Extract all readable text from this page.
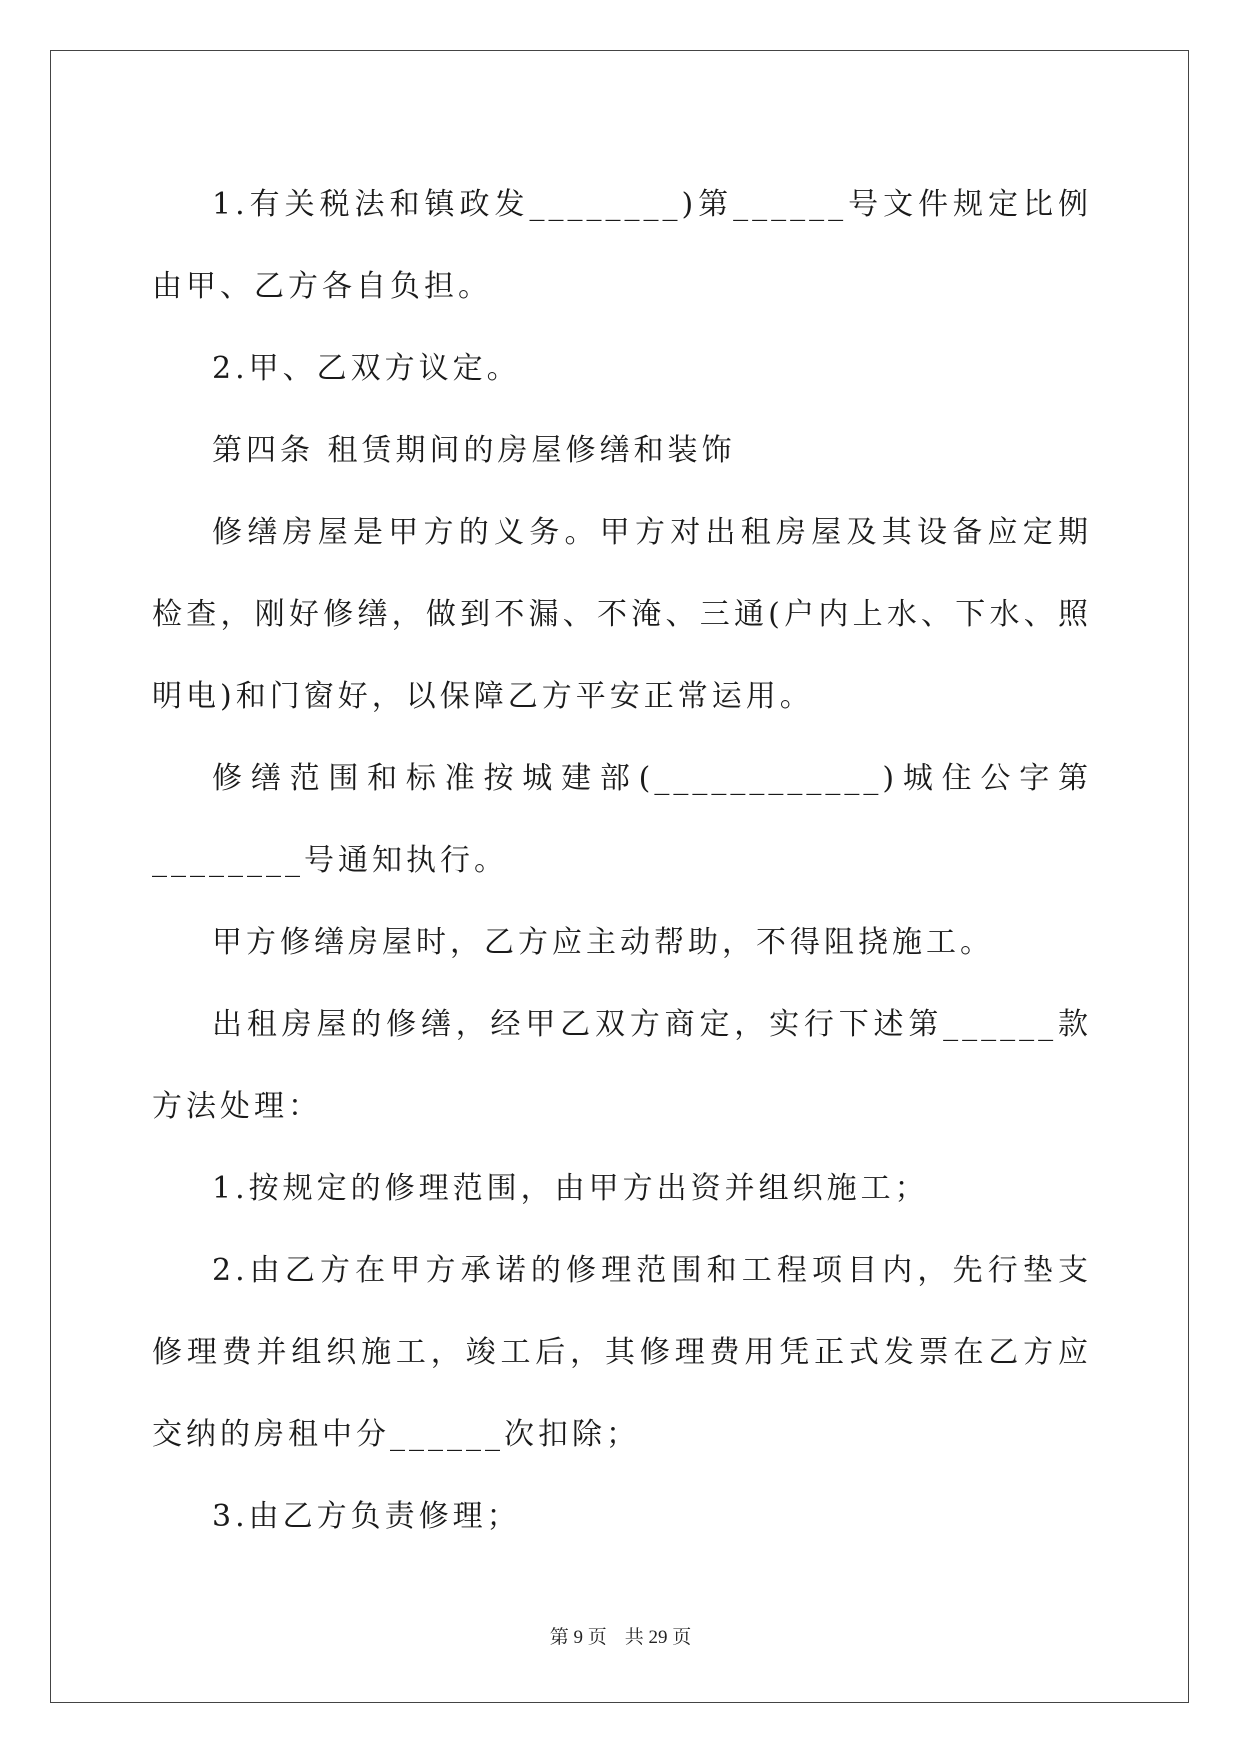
1.有关税法和镇政发________)第______号文件规定比例由甲、乙方各自负担。

2.甲、乙双方议定。

第四条 租赁期间的房屋修缮和装饰

修缮房屋是甲方的义务。甲方对出租房屋及其设备应定期检查，刚好修缮，做到不漏、不淹、三通(户内上水、下水、照明电)和门窗好，以保障乙方平安正常运用。

修缮范围和标准按城建部(____________)城住公字第________号通知执行。

甲方修缮房屋时，乙方应主动帮助，不得阻挠施工。

出租房屋的修缮，经甲乙双方商定，实行下述第______款方法处理：

1.按规定的修理范围，由甲方出资并组织施工；

2.由乙方在甲方承诺的修理范围和工程项目内，先行垫支修理费并组织施工，竣工后，其修理费用凭正式发票在乙方应交纳的房租中分______次扣除；

3.由乙方负责修理；

第 9 页 共 29 页
